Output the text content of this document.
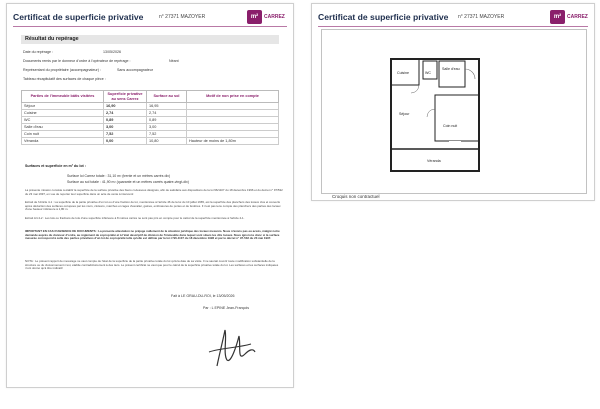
Certificat de superficie privative	n° 27371 MAZOYER	m²	CARREZ
Résultat du repérage
Date du repérage :	13/05/2026
Documents remis par le donneur d'ordre à l'opérateur de repérage :	Néant
Représentant du propriétaire (accompagnateur) :	Sans accompagnateur
Tableau récapitulatif des surfaces de chaque pièce :
Parties de l'immeuble bâtis visitées	Superficie privative au sens Carrez	Surface au sol	Motif de non prise en compte
Séjour	16,90	16,95	
Cuisine	2,74	2,74	
WC	0,89	0,89	
Salle d'eau	3,00	3,00	
Coin nuit	7,52	7,52	
Véranda	0,00	10,80	Hauteur de moins de 1,80m
Surfaces et superficie en m² du lot :
Surface loi Carrez totale : 31,10 m² (trente et un mètres carrés dix)
Surface au sol totale : 41,90 m² (quarante et un mètres carrés quatre-vingt-dix)
La présente mission consiste à établir la superficie de la surface privative des biens ci-dessous désignés, afin de satisfaire aux dispositions de la loi 96/1107 du 18 décembre 1996 et du décret n° 97/532 du 23 mai 1997, en vue de reporter leur superficie dans un acte de vente à intervenir.
Extrait de l'Article 4-1 : La superficie de la partie privative d'un lot ou d'une fraction de lot, mentionnée à l'article 46 de la loi du 10 juillet 1965, est la superficie des planchers des locaux clos et couverts après déduction des surfaces occupées par les murs, cloisons, marches et cages d'escalier, gaines, embrasures de portes et de fenêtres. Il n'est pas tenu compte des planchers des parties des locaux d'une hauteur inférieure à 1,80 m.
Extrait Art.4-2 : Les lots ou fractions de lots d'une superficie inférieure à 8 mètres carrés ne sont pas pris en compte pour le calcul de la superficie mentionnée à l'article 4-1.
IMPORTANT EN CAS D'ABSENCE DE DOCUMENTS : La présente attestation ne préjuge nullement de la situation juridique des locaux mesurés. Nous n'avons pas eu accès, malgré notre demande auprès du donneur d'ordre, au règlement de copropriété et à l'état descriptif de division de l'immeuble dans lequel sont situés les dits locaux. Nous ignorons donc si la surface mesurée correspond à celle des parties privatives d'un lot de copropriété telle qu'elle est définie par la loi n°96-1107 du 18 décembre 1996 et par le décret n° 97-532 du 23 mai 1997.
NOTA : Le présent rapport de mesurage ne vaut compte de l'état de la superficie de la partie privative totale du lot qu'à la date de sa visite. Il ne saurait couvrir toute modification substantielle de la structure ou du cloisonnement n'est, établie contradictoirement à des tiers. Le présent certificat ne vaut que pour le calcul de la superficie privative totale du lot. Les surfaces et les surfaces indiquées n'ont donné qu'à titre indicatif.
Fait à LE GRAU-DU-ROI, le 13/05/2026
Par : L EPINE Jean-François
Certificat de superficie privative n° 27371 MAZOYER	m²	CARREZ
Cuisine	WC
Salle d'eau
Séjour
Coin nuit
Véranda
Croquis non contractuel
